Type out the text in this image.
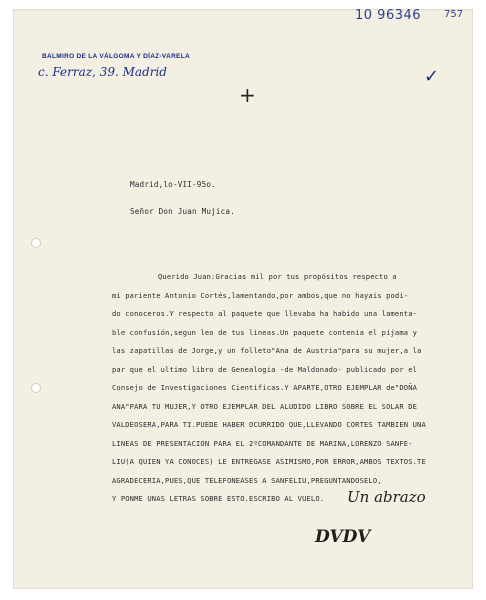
10 96346 757
BALMIRO DE LA VÁLGOMA Y DÍAZ-VARELA
c. Ferraz, 39. Madrid	✓
+
Madrid,lo-VII-95o.
Señor Don Juan Mujica.
Querido Juan:Gracias mil por tus propósitos respecto a
mi pariente Antonio Cortés,lamentando,por ambos,que no hayais podi-
do conoceros.Y respecto al paquete que llevaba ha habido una lamenta-
ble confusión,segun leo de tus lineas.Un paquete contenia el pijama y
las zapatillas de Jorge,y un folleto"Ana de Austria"para su mujer,a la
par que el ultimo libro de Genealogia -de Maldonado- publicado por el
Consejo de Investigaciones Cientificas.Y APARTE,OTRO EJEMPLAR de"DOÑA
ANA"PARA TU MUJER,Y OTRO EJEMPLAR DEL ALUDIDO LIBRO SOBRE EL SOLAR DE
VALDEOSERA,PARA TI.PUEDE HABER OCURRIDO QUE,LLEVANDO CORTES TAMBIEN UNA
LINEAS DE PRESENTACION PARA EL 2ºCOMANDANTE DE MARINA,LORENZO SANFE-
LIU(A QUIEN YA CONOCES) LE ENTREGASE ASIMISMO,POR ERROR,AMBOS TEXTOS.TE
AGRADECERIA,PUES,QUE TELEFONEASES A SANFELIU,PREGUNTANDOSELO,
Y PONME UNAS LETRAS SOBRE ESTO.ESCRIBO AL VUELO. Un abrazo
DVDV
